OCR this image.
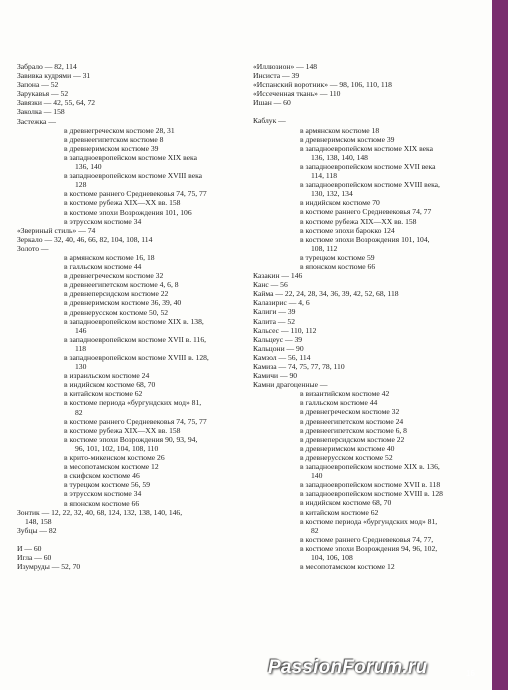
Забрало — 82, 114
Завивка кудрями — 31
Запона — 52
Зарукавья — 52
Завязки — 42, 55, 64, 72
Заколка — 158
Застежка —
в древнегреческом костюме 28, 31
в древнеегипетском костюме 8
в древнеримском костюме 39
в западноевропейском костюме XIX века
136, 140
в западноевропейском костюме XVIII века
128
в костюме раннего Средневековья 74, 75, 77
в костюме рубежа XIX—XX вв. 158
в костюме эпохи Возрождения 101, 106
в этрусском костюме 34
«Звериный стиль» — 74
Зеркало — 32, 40, 46, 66, 82, 104, 108, 114
Золото —
в армянском костюме 16, 18
в галльском костюме 44
в древнегреческом костюме 32
в древнеегипетском костюме 4, 6, 8
в древнеперсидском костюме 22
в древнеримском костюме 36, 39, 40
в древнерусском костюме 50, 52
в западноевропейском костюме XIX в. 138,
146
в западноевропейском костюме XVII в. 116,
118
в западноевропейском костюме XVIII в. 128,
130
в израильском костюме 24
в индийском костюме 68, 70
в китайском костюме 62
в костюме периода «бургундских мод» 81,
82
в костюме раннего Средневековья 74, 75, 77
в костюме рубежа XIX—XX вв. 158
в костюме эпохи Возрождения 90, 93, 94,
96, 101, 102, 104, 108, 110
в крито-микенском костюме 26
в месопотамском костюме 12
в скифском костюме 46
в турецком костюме 56, 59
в этрусском костюме 34
в японском костюме 66
Зонтик — 12, 22, 32, 40, 68, 124, 132, 138, 140, 146,
148, 158
Зубцы — 82
И — 60
Игла — 60
Изумруды — 52, 70
«Иллюзион» — 148
Инсиста — 39
«Испанский воротник» — 98, 106, 110, 118
«Иссеченная ткань» — 110
Ишан — 60
Каблук —
в армянском костюме 18
в древнеримском костюме 39
в западноевропейском костюме XIX века
136, 138, 140, 148
в западноевропейском костюме XVII века
114, 118
в западноевропейском костюме XVIII века,
130, 132, 134
в индийском костюме 70
в костюме раннего Средневековья 74, 77
в костюме рубежа XIX—XX вв. 158
в костюме эпохи барокко 124
в костюме эпохи Возрождения 101, 104,
108, 112
в турецком костюме 59
в японском костюме 66
Казакин — 146
Канс — 56
Кайма — 22, 24, 28, 34, 36, 39, 42, 52, 68, 118
Калазирис — 4, 6
Калиги — 39
Калита — 52
Кальсес — 110, 112
Кальцеус — 39
Кальцони — 90
Камзол — 56, 114
Камиза — 74, 75, 77, 78, 110
Камичи — 90
Камни драгоценные —
в византийском костюме 42
в галльском костюме 44
в древнегреческом костюме 32
в древнеегипетском костюме 24
в древнеегипетском костюме 6, 8
в древнеперсидском костюме 22
в древнеримском костюме 40
в древнерусском костюме 52
в западноевропейском костюме XIX в. 136,
140
в западноевропейском костюме XVII в. 118
в западноевропейском костюме XVIII в. 128
в индийском костюме 68, 70
в китайском костюме 62
в костюме периода «бургундских мод» 81,
82
в костюме раннего Средневековья 74, 77,
в костюме эпохи Возрождения 94, 96, 102,
104, 106, 108
в месопотамском костюме 12
PassionForum.ru	16
